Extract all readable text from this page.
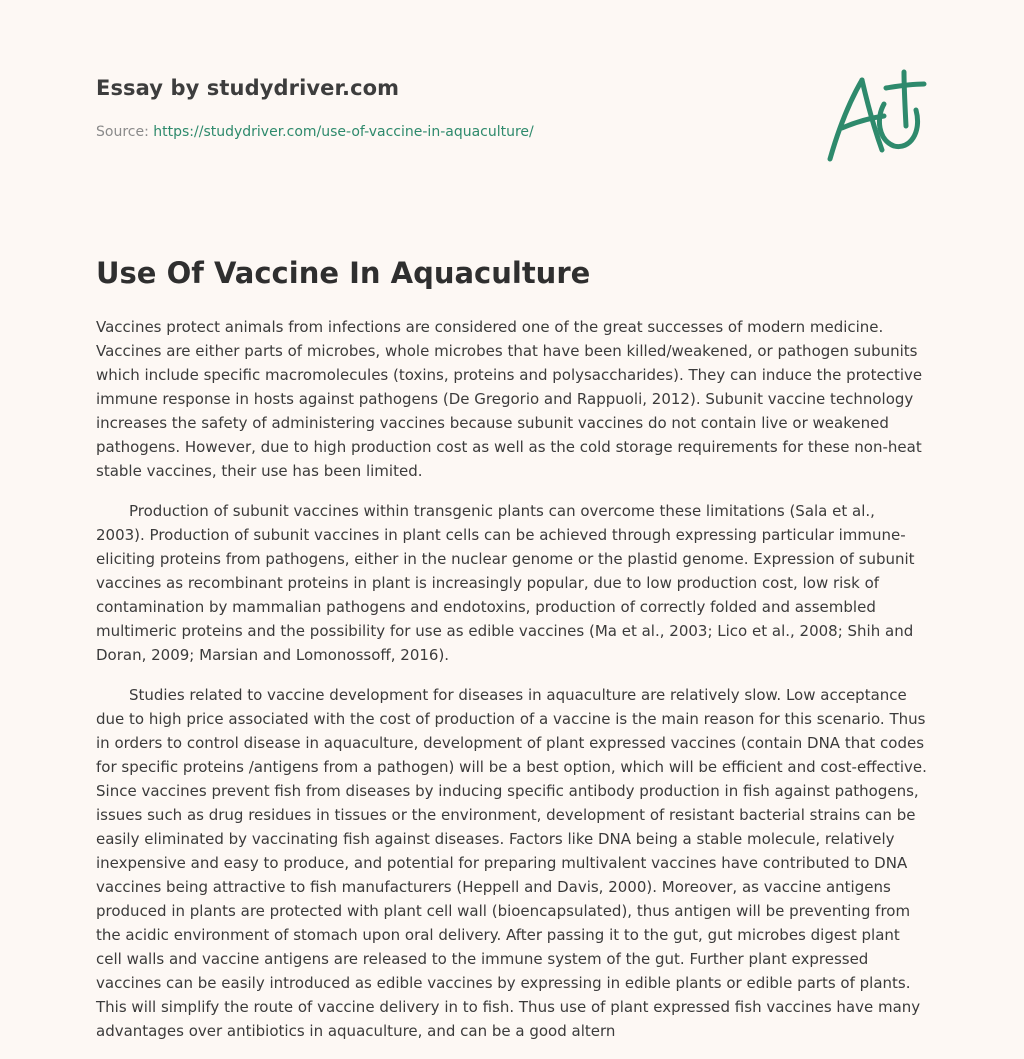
Essay by studydriver.com
Source: https://studydriver.com/use-of-vaccine-in-aquaculture/
Use Of Vaccine In Aquaculture

Vaccines protect animals from infections are considered one of the great successes of modern medicine. Vaccines are either parts of microbes, whole microbes that have been killed/weakened, or pathogen subunits which include specific macromolecules (toxins, proteins and polysaccharides). They can induce the protective immune response in hosts against pathogens (De Gregorio and Rappuoli, 2012). Subunit vaccine technology increases the safety of administering vaccines because subunit vaccines do not contain live or weakened pathogens. However, due to high production cost as well as the cold storage requirements for these non-heat stable vaccines, their use has been limited.

Production of subunit vaccines within transgenic plants can overcome these limitations (Sala et al., 2003). Production of subunit vaccines in plant cells can be achieved through expressing particular immune-eliciting proteins from pathogens, either in the nuclear genome or the plastid genome. Expression of subunit vaccines as recombinant proteins in plant is increasingly popular, due to low production cost, low risk of contamination by mammalian pathogens and endotoxins, production of correctly folded and assembled multimeric proteins and the possibility for use as edible vaccines (Ma et al., 2003; Lico et al., 2008; Shih and Doran, 2009; Marsian and Lomonossoff, 2016).

Studies related to vaccine development for diseases in aquaculture are relatively slow. Low acceptance due to high price associated with the cost of production of a vaccine is the main reason for this scenario. Thus in orders to control disease in aquaculture, development of plant expressed vaccines (contain DNA that codes for specific proteins /antigens from a pathogen) will be a best option, which will be efficient and cost-effective. Since vaccines prevent fish from diseases by inducing specific antibody production in fish against pathogens, issues such as drug residues in tissues or the environment, development of resistant bacterial strains can be easily eliminated by vaccinating fish against diseases. Factors like DNA being a stable molecule, relatively inexpensive and easy to produce, and potential for preparing multivalent vaccines have contributed to DNA vaccines being attractive to fish manufacturers (Heppell and Davis, 2000). Moreover, as vaccine antigens produced in plants are protected with plant cell wall (bioencapsulated), thus antigen will be preventing from the acidic environment of stomach upon oral delivery. After passing it to the gut, gut microbes digest plant cell walls and vaccine antigens are released to the immune system of the gut. Further plant expressed vaccines can be easily introduced as edible vaccines by expressing in edible plants or edible parts of plants. This will simplify the route of vaccine delivery in to fish. Thus use of plant expressed fish vaccines have many advantages over antibiotics in aquaculture, and can be a good altern
